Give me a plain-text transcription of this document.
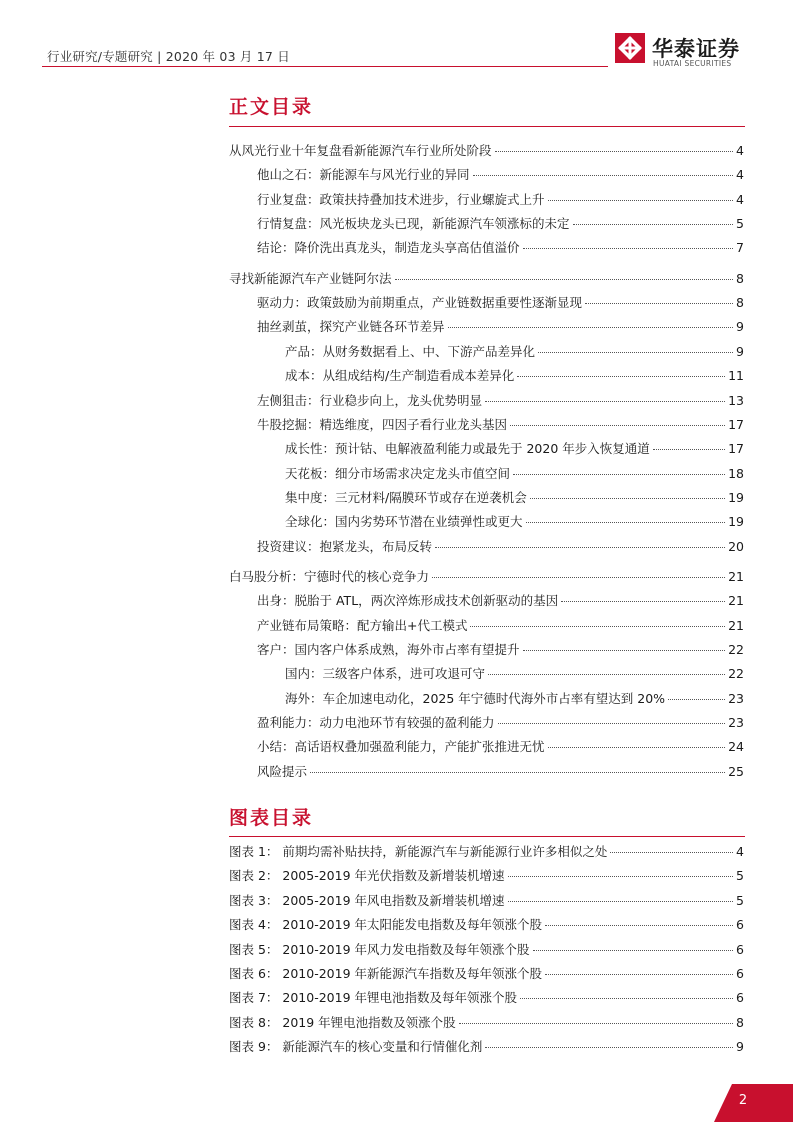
行业研究/专题研究 | 2020 年 03 月 17 日	华泰证券
HUATAI SECURITIES
正文目录
从风光行业十年复盘看新能源汽车行业所处阶段	4
他山之石：新能源车与风光行业的异同	4
行业复盘：政策扶持叠加技术进步，行业螺旋式上升	4
行情复盘：风光板块龙头已现，新能源汽车领涨标的未定	5
结论：降价洗出真龙头，制造龙头享高估值溢价	7
寻找新能源汽车产业链阿尔法	8
驱动力：政策鼓励为前期重点，产业链数据重要性逐渐显现	8
抽丝剥茧，探究产业链各环节差异	9
产品：从财务数据看上、中、下游产品差异化	9
成本：从组成结构/生产制造看成本差异化	11
左侧狙击：行业稳步向上，龙头优势明显	13
牛股挖掘：精选维度，四因子看行业龙头基因	17
成长性：预计钴、电解液盈利能力或最先于 2020 年步入恢复通道	17
天花板：细分市场需求决定龙头市值空间	18
集中度：三元材料/隔膜环节或存在逆袭机会	19
全球化：国内劣势环节潜在业绩弹性或更大	19
投资建议：抱紧龙头，布局反转	20
白马股分析：宁德时代的核心竞争力	21
出身：脱胎于 ATL，两次淬炼形成技术创新驱动的基因	21
产业链布局策略：配方输出+代工模式	21
客户：国内客户体系成熟，海外市占率有望提升	22
国内：三级客户体系，进可攻退可守	22
海外：车企加速电动化，2025 年宁德时代海外市占率有望达到 20%	23
盈利能力：动力电池环节有较强的盈利能力	23
小结：高话语权叠加强盈利能力，产能扩张推进无忧	24
风险提示	25
图表目录
图表 1： 前期均需补贴扶持，新能源汽车与新能源行业许多相似之处	4
图表 2： 2005-2019 年光伏指数及新增装机增速	5
图表 3： 2005-2019 年风电指数及新增装机增速	5
图表 4： 2010-2019 年太阳能发电指数及每年领涨个股	6
图表 5： 2010-2019 年风力发电指数及每年领涨个股	6
图表 6： 2010-2019 年新能源汽车指数及每年领涨个股	6
图表 7： 2010-2019 年锂电池指数及每年领涨个股	6
图表 8： 2019 年锂电池指数及领涨个股	8
图表 9： 新能源汽车的核心变量和行情催化剂	9
2
